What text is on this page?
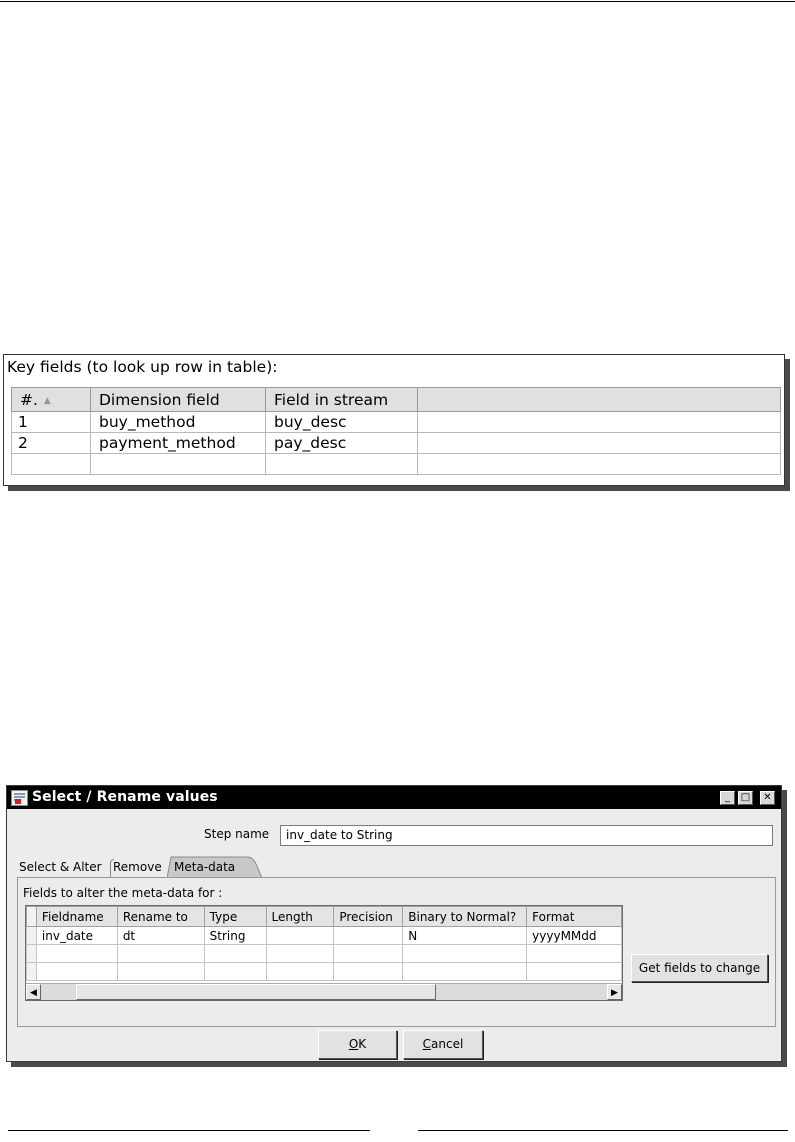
Key fields (to look up row in table):
#. ▲	Dimension field	Field in stream	
1	buy_method	buy_desc	
2	payment_method	pay_desc	

Select / Rename values	_	□	✕
Step name	inv_date to String
Select & Alter Remove Meta-data
Fields to alter the meta-data for :
	Fieldname	Rename to	Type	Length	Precision	Binary to Normal?	Format
	inv_date	dt	String			N	yyyyMMdd

◀	▶
Get fields to change
OK	Cancel
